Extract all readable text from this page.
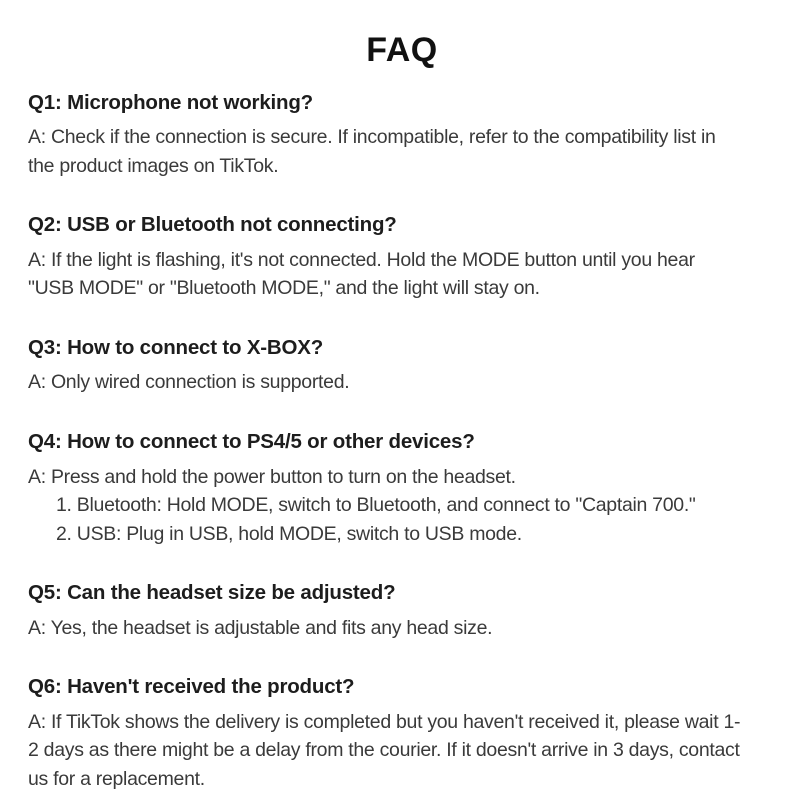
FAQ
Q1: Microphone not working?
A: Check if the connection is secure. If incompatible, refer to the compatibility list in
the product images on TikTok.
Q2: USB or Bluetooth not connecting?
A: If the light is flashing, it's not connected. Hold the MODE button until you hear
"USB MODE" or "Bluetooth MODE," and the light will stay on.
Q3: How to connect to X-BOX?
A: Only wired connection is supported.
Q4: How to connect to PS4/5 or other devices?
A: Press and hold the power button to turn on the headset.
1. Bluetooth: Hold MODE, switch to Bluetooth, and connect to "Captain 700."
2. USB: Plug in USB, hold MODE, switch to USB mode.
Q5: Can the headset size be adjusted?
A: Yes, the headset is adjustable and fits any head size.
Q6: Haven't received the product?
A: If TikTok shows the delivery is completed but you haven't received it, please wait 1-
2 days as there might be a delay from the courier. If it doesn't arrive in 3 days, contact
us for a replacement.
